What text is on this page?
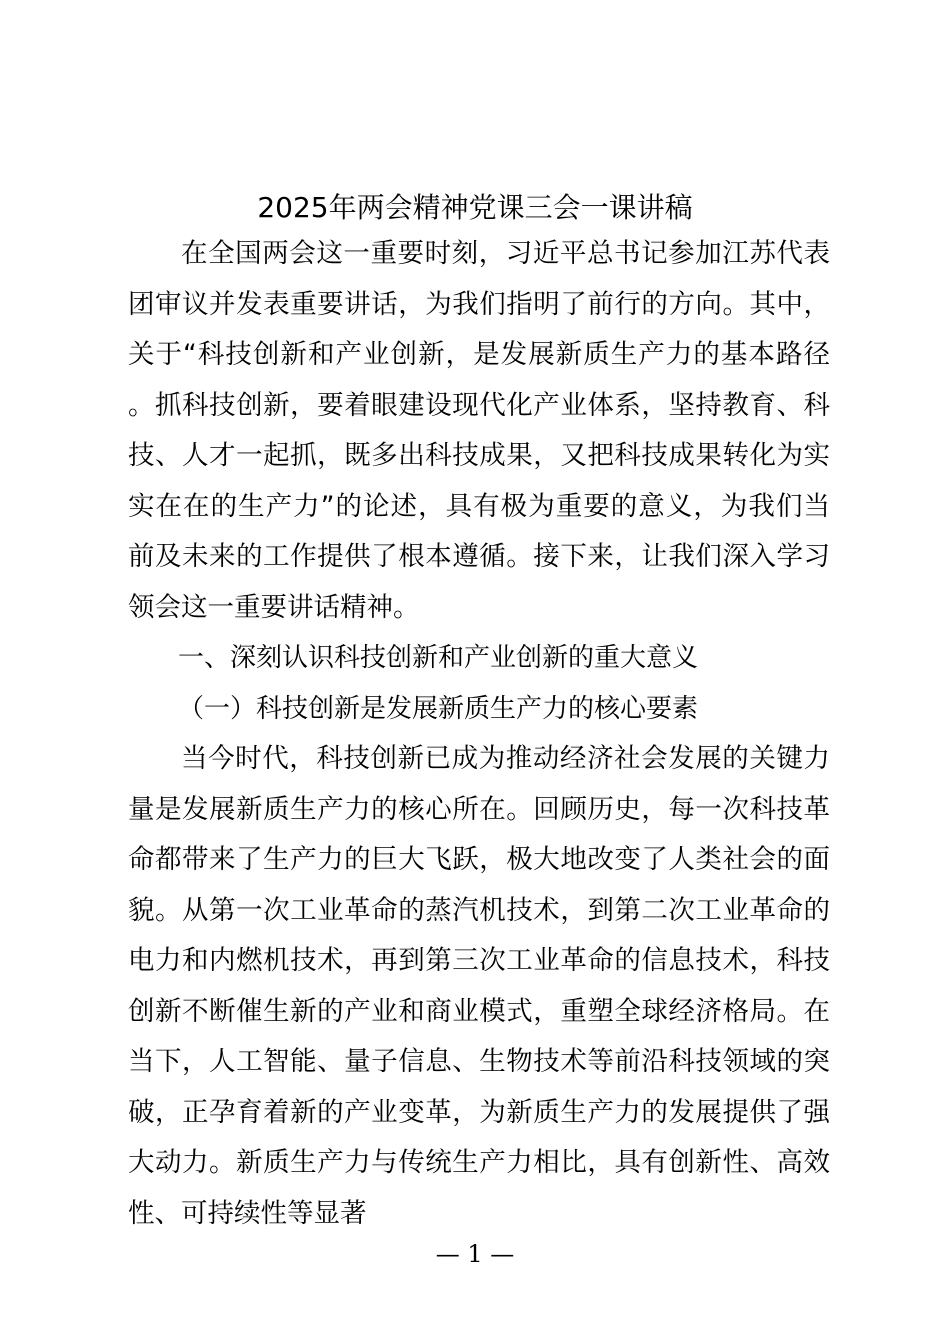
2025年两会精神党课三会一课讲稿

在全国两会这一重要时刻，习近平总书记参加江苏代表团审议并发表重要讲话，为我们指明了前行的方向。其中，关于“科技创新和产业创新，是发展新质生产力的基本路径。抓科技创新，要着眼建设现代化产业体系，坚持教育、科技、人才一起抓，既多出科技成果，又把科技成果转化为实实在在的生产力”的论述，具有极为重要的意义，为我们当前及未来的工作提供了根本遵循。接下来，让我们深入学习领会这一重要讲话精神。

一、深刻认识科技创新和产业创新的重大意义

（一）科技创新是发展新质生产力的核心要素

当今时代，科技创新已成为推动经济社会发展的关键力量是发展新质生产力的核心所在。回顾历史，每一次科技革命都带来了生产力的巨大飞跃，极大地改变了人类社会的面貌。从第一次工业革命的蒸汽机技术，到第二次工业革命的电力和内燃机技术，再到第三次工业革命的信息技术，科技创新不断催生新的产业和商业模式，重塑全球经济格局。在当下，人工智能、量子信息、生物技术等前沿科技领域的突破，正孕育着新的产业变革，为新质生产力的发展提供了强大动力。新质生产力与传统生产力相比，具有创新性、高效性、可持续性等显著

— 1 —
